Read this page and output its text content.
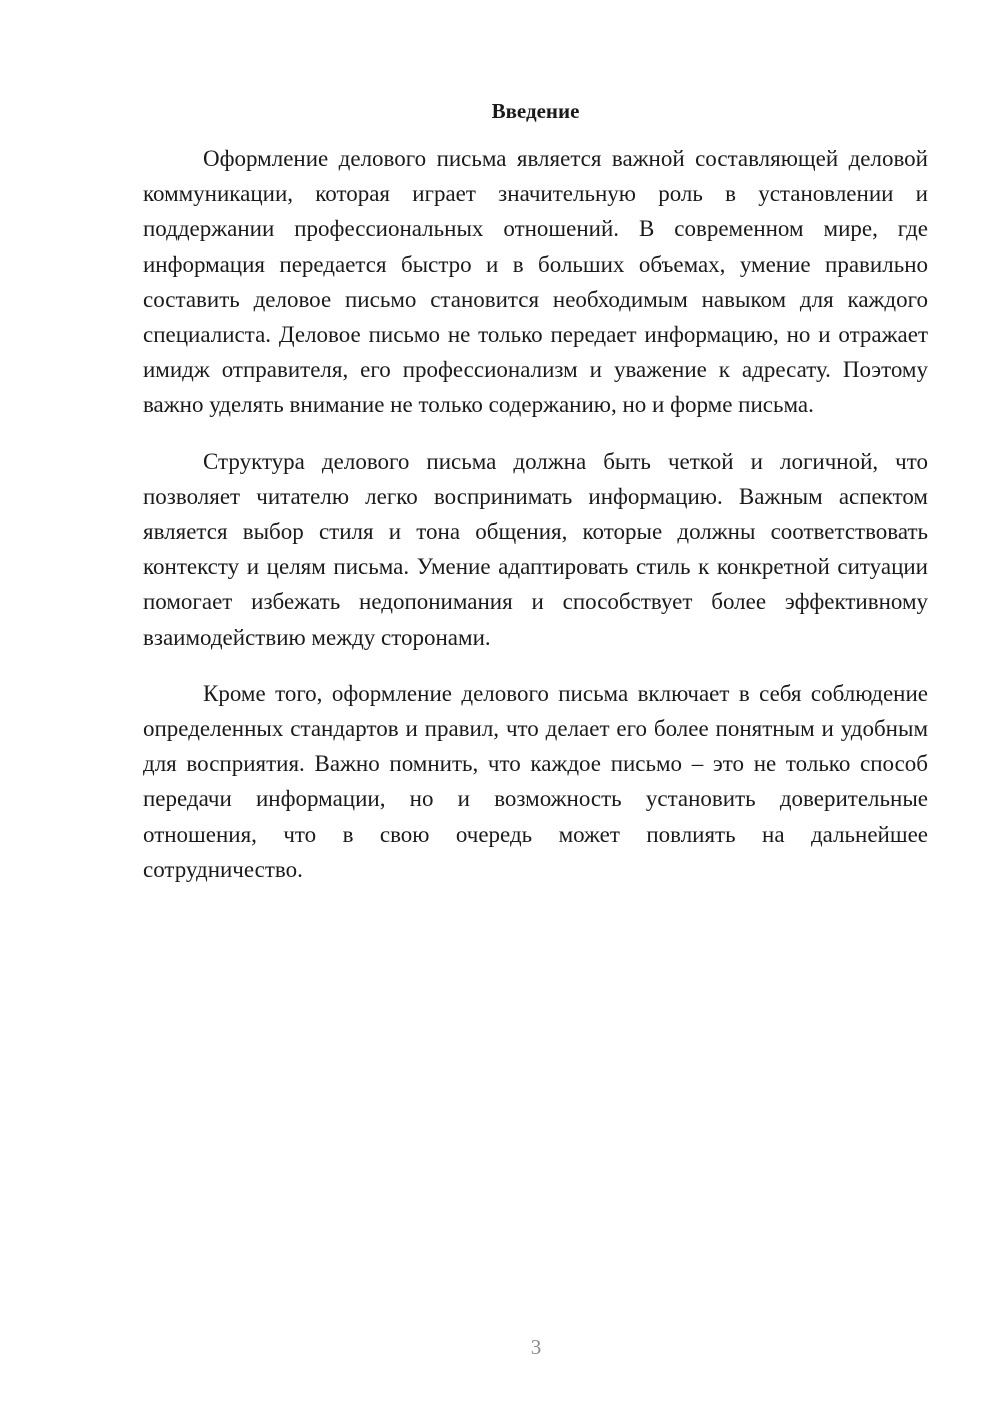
Введение

Оформление делового письма является важной составляющей деловой коммуникации, которая играет значительную роль в установлении и поддержании профессиональных отношений. В современном мире, где информация передается быстро и в больших объемах, умение правильно составить деловое письмо становится необходимым навыком для каждого специалиста. Деловое письмо не только передает информацию, но и отражает имидж отправителя, его профессионализм и уважение к адресату. Поэтому важно уделять внимание не только содержанию, но и форме письма.

Структура делового письма должна быть четкой и логичной, что позволяет читателю легко воспринимать информацию. Важным аспектом является выбор стиля и тона общения, которые должны соответствовать контексту и целям письма. Умение адаптировать стиль к конкретной ситуации помогает избежать недопонимания и способствует более эффективному взаимодействию между сторонами.

Кроме того, оформление делового письма включает в себя соблюдение определенных стандартов и правил, что делает его более понятным и удобным для восприятия. Важно помнить, что каждое письмо – это не только способ передачи информации, но и возможность установить доверительные отношения, что в свою очередь может повлиять на дальнейшее сотрудничество.

3
